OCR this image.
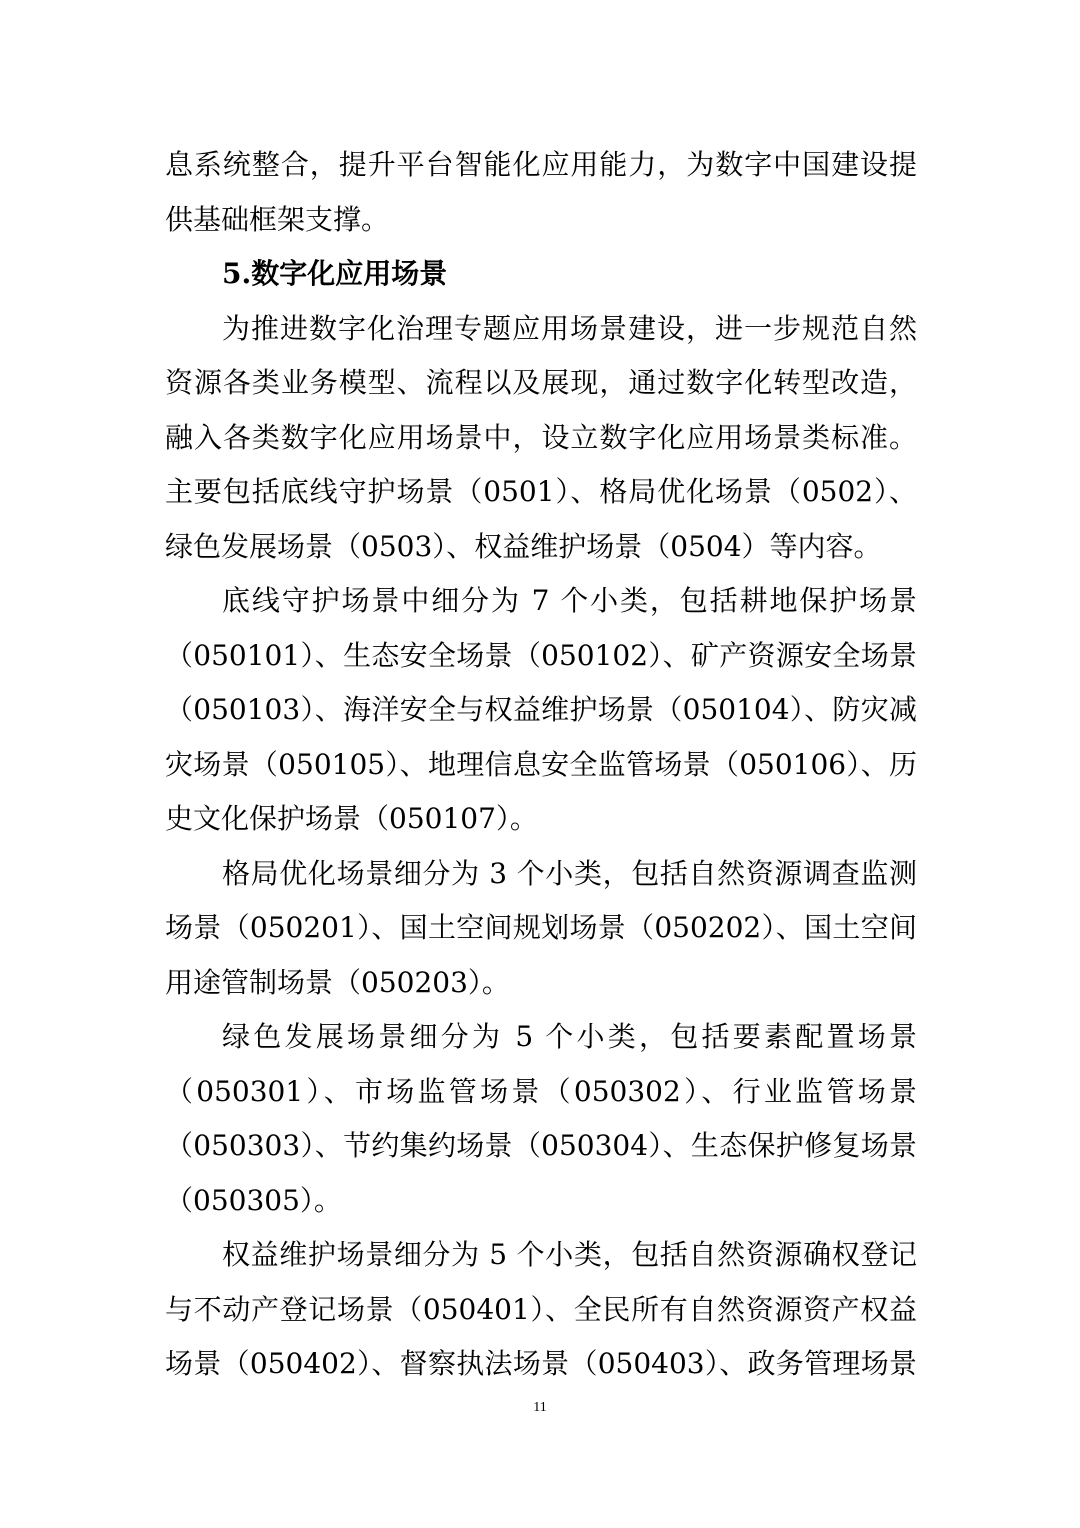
息系统整合，提升平台智能化应用能力，为数字中国建设提
供基础框架支撑。
5.数字化应用场景
为推进数字化治理专题应用场景建设，进一步规范自然
资源各类业务模型、流程以及展现，通过数字化转型改造，
融入各类数字化应用场景中，设立数字化应用场景类标准。
主要包括底线守护场景（0501）、格局优化场景（0502）、
绿色发展场景（0503）、权益维护场景（0504）等内容。
底线守护场景中细分为 7 个小类，包括耕地保护场景
（050101）、生态安全场景（050102）、矿产资源安全场景
（050103）、海洋安全与权益维护场景（050104）、防灾减
灾场景（050105）、地理信息安全监管场景（050106）、历
史文化保护场景（050107）。
格局优化场景细分为 3 个小类，包括自然资源调查监测
场景（050201）、国土空间规划场景（050202）、国土空间
用途管制场景（050203）。
绿色发展场景细分为 5 个小类，包括要素配置场景
（050301）、市场监管场景（050302）、行业监管场景
（050303）、节约集约场景（050304）、生态保护修复场景
（050305）。
权益维护场景细分为 5 个小类，包括自然资源确权登记
与不动产登记场景（050401）、全民所有自然资源资产权益
场景（050402）、督察执法场景（050403）、政务管理场景
11
